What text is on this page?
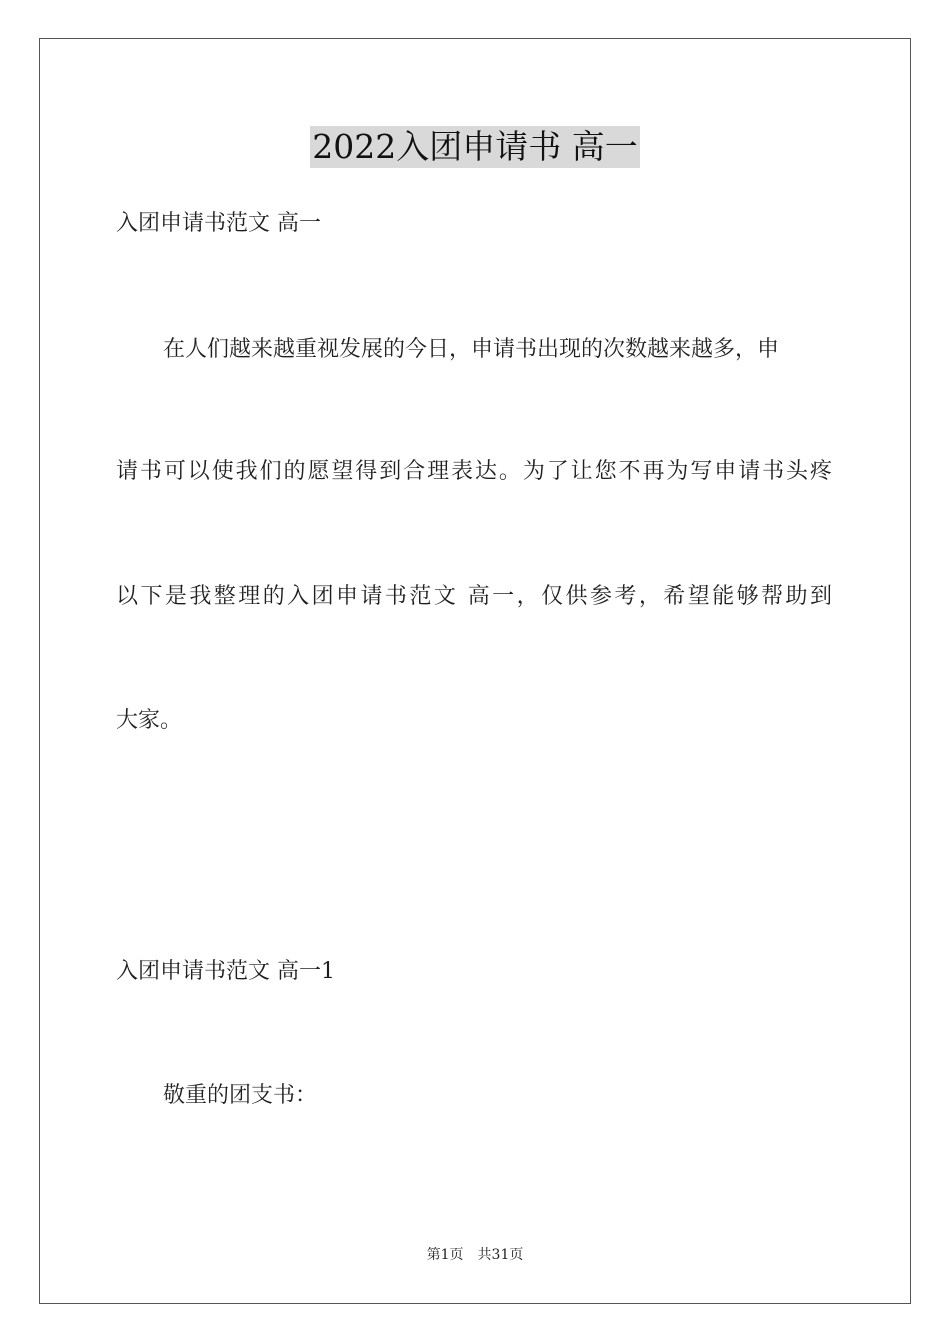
2022入团申请书 高一
入团申请书范文 高一
在人们越来越重视发展的今日，申请书出现的次数越来越多，申
请书可以使我们的愿望得到合理表达。为了让您不再为写申请书头疼
以下是我整理的入团申请书范文 高一，仅供参考，希望能够帮助到
大家。
入团申请书范文 高一1
敬重的团支书：
第1页 共31页
